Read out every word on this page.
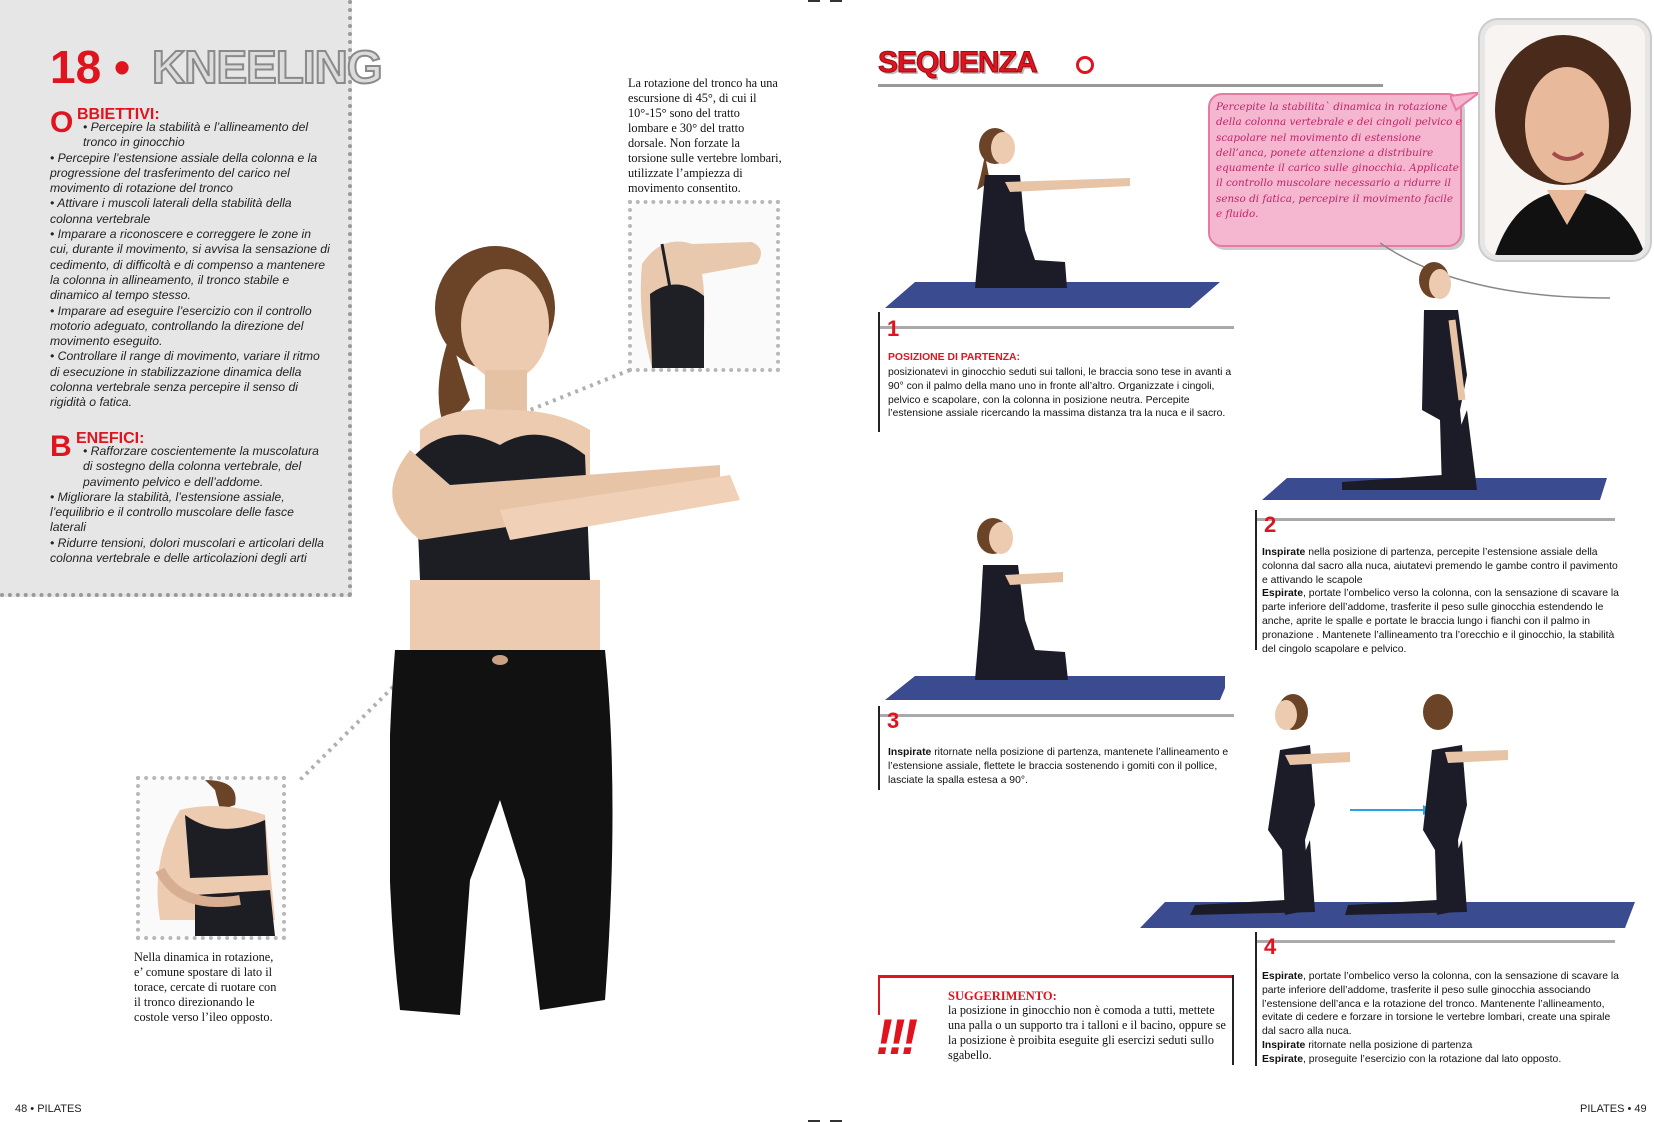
18 • KNEELING
O BBIETTIVI:

• Percepire la stabilità e l’allineamento del tronco in ginocchio

• Percepire l’estensione assiale della colonna e la progressione del trasferimento del carico nel movimento di rotazione del tronco

• Attivare i muscoli laterali della stabilità della colonna vertebrale

• Imparare a riconoscere e correggere le zone in cui, durante il movimento, si avvisa la sensazione di cedimento, di difficoltà e di compenso a mantenere la colonna in allineamento, il tronco stabile e dinamico al tempo stesso.

• Imparare ad eseguire l’esercizio con il controllo motorio adeguato, controllando la direzione del movimento eseguito.

• Controllare il range di movimento, variare il ritmo di esecuzione in stabilizzazione dinamica della colonna vertebrale senza percepire il senso di rigidità o fatica.

B ENEFICI:

• Rafforzare coscientemente la muscolatura di sostegno della colonna vertebrale, del pavimento pelvico e dell’addome.

• Migliorare la stabilità, l’estensione assiale, l’equilibrio e il controllo muscolare delle fasce laterali

• Ridurre tensioni, dolori muscolari e articolari della colonna vertebrale e delle articolazioni degli arti

La rotazione del tronco ha una escursione di 45°, di cui il 10°-15° sono del tratto lombare e 30° del tratto dorsale. Non forzate la torsione sulle vertebre lombari, utilizzate l’ampiezza di movimento consentito.
Nella dinamica in rotazione, e’ comune spostare di lato il torace, cercate di ruotare con il tronco direzionando le costole verso l’ileo opposto.
48 • PILATES
SEQUENZA
Percepite la stabilita` dinamica in rotazione della colonna vertebrale e dei cingoli pelvico e scapolare nel movimento di estensione dell’anca, ponete attenzione a distribuire equamente il carico sulle ginocchia. Applicate il controllo muscolare necessario a ridurre il senso di fatica, percepire il movimento facile e fluido.
1
POSIZIONE DI PARTENZA:
posizionatevi in ginocchio seduti sui talloni, le braccia sono tese in avanti a 90° con il palmo della mano uno in fronte all’altro. Organizzate i cingoli, pelvico e scapolare, con la colonna in posizione neutra. Percepite l’estensione assiale ricercando la massima distanza tra la nuca e il sacro.
2
Inspirate nella posizione di partenza, percepite l’estensione assiale della colonna dal sacro alla nuca, aiutatevi premendo le gambe contro il pavimento e attivando le scapole
Espirate, portate l’ombelico verso la colonna, con la sensazione di scavare la parte inferiore dell’addome, trasferite il peso sulle ginocchia estendendo le anche, aprite le spalle e portate le braccia lungo i fianchi con il palmo in pronazione . Mantenete l’allineamento tra l’orecchio e il ginocchio, la stabilità del cingolo scapolare e pelvico.
3
Inspirate ritornate nella posizione di partenza, mantenete l’allineamento e l’estensione assiale, flettete le braccia sostenendo i gomiti con il pollice, lasciate la spalla estesa a 90°.
4
Espirate, portate l’ombelico verso la colonna, con la sensazione di scavare la parte inferiore dell’addome, trasferite il peso sulle ginocchia associando l’estensione dell’anca e la rotazione del tronco. Mantenente l’allineamento, evitate di cedere e forzare in torsione le vertebre lombari, create una spirale dal sacro alla nuca.
Inspirate ritornate nella posizione di partenza
Espirate, proseguite l’esercizio con la rotazione dal lato opposto.
!!!
SUGGERIMENTO:
la posizione in ginocchio non è comoda a tutti, mettete una palla o un supporto tra i talloni e il bacino, oppure se la posizione è proibita eseguite gli esercizi seduti sullo sgabello.
PILATES • 49
